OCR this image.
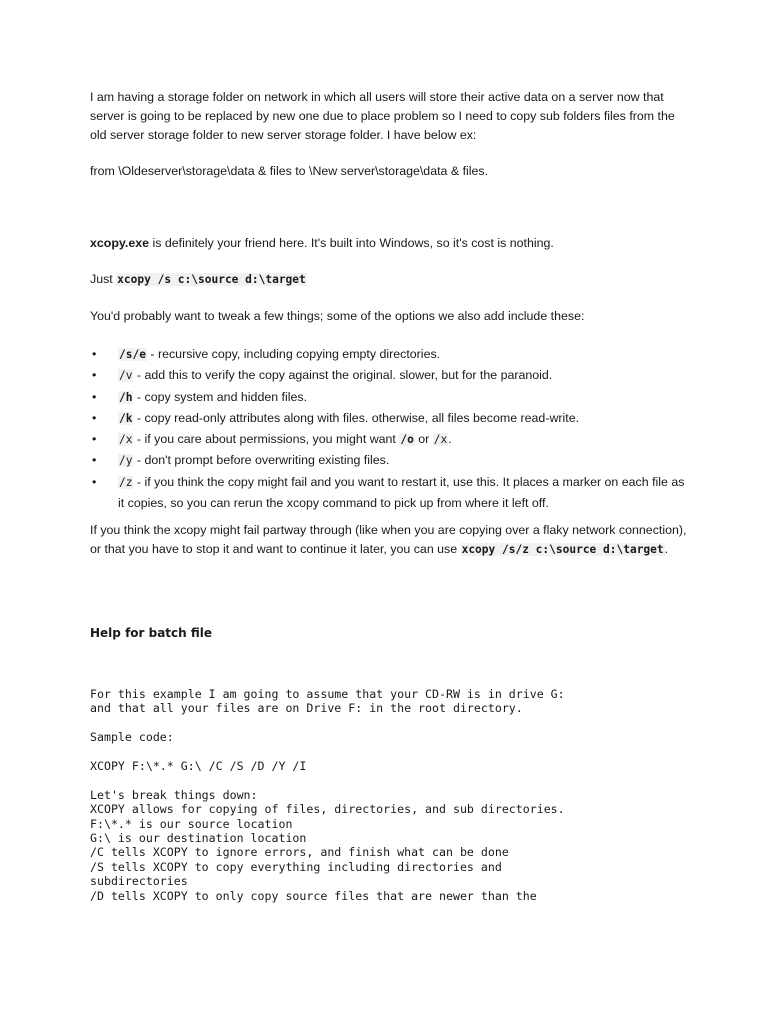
I am having a storage folder on network in which all users will store their active data on a server now that server is going to be replaced by new one due to place problem so I need to copy sub folders files from the old server storage folder to new server storage folder. I have below ex:

from \Oldeserver\storage\data & files to \New server\storage\data & files.

xcopy.exe is definitely your friend here. It's built into Windows, so it's cost is nothing.

Just xcopy /s c:\source d:\target

You'd probably want to tweak a few things; some of the options we also add include these:

• /s/e - recursive copy, including copying empty directories.
• /v - add this to verify the copy against the original. slower, but for the paranoid.
• /h - copy system and hidden files.
• /k - copy read-only attributes along with files. otherwise, all files become read-write.
• /x - if you care about permissions, you might want /o or /x.
• /y - don't prompt before overwriting existing files.
• /z - if you think the copy might fail and you want to restart it, use this. It places a marker on each file as it copies, so you can rerun the xcopy command to pick up from where it left off.

If you think the xcopy might fail partway through (like when you are copying over a flaky network connection), or that you have to stop it and want to continue it later, you can use xcopy /s/z c:\source d:\target.

Help for batch file
For this example I am going to assume that your CD-RW is in drive G:
and that all your files are on Drive F: in the root directory.

Sample code:

XCOPY F:\*.* G:\ /C /S /D /Y /I

Let's break things down:
XCOPY allows for copying of files, directories, and sub directories.
F:\*.* is our source location
G:\ is our destination location
/C tells XCOPY to ignore errors, and finish what can be done
/S tells XCOPY to copy everything including directories and
subdirectories
/D tells XCOPY to only copy source files that are newer than the
